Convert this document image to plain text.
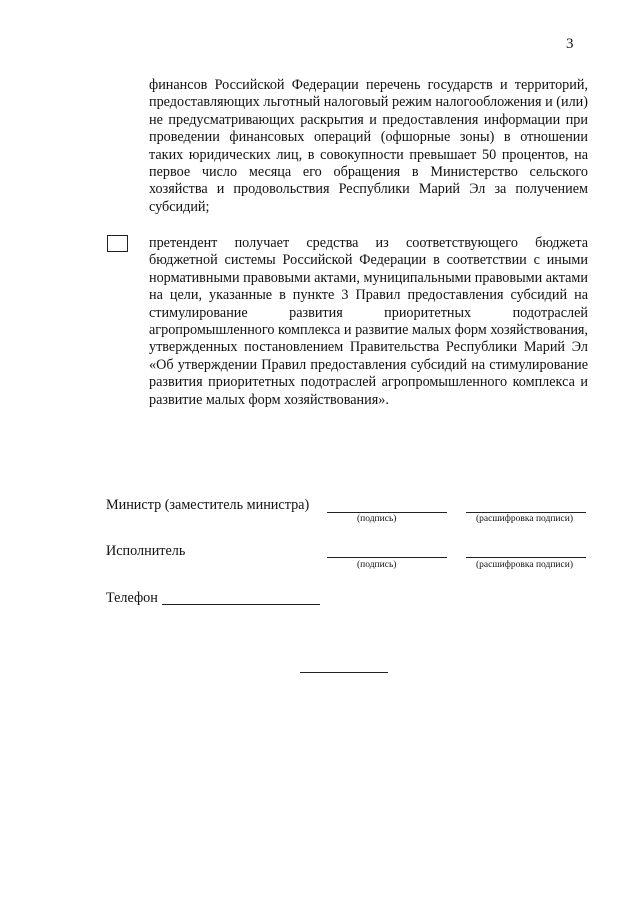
3
финансов Российской Федерации перечень государств и территорий, предоставляющих льготный налоговый режим налогообложения и (или) не предусматривающих раскрытия и предоставления информации при проведении финансовых операций (офшорные зоны) в отношении таких юридических лиц, в совокупности превышает 50 процентов, на первое число месяца его обращения в Министерство сельского хозяйства и продовольствия Республики Марий Эл за получением субсидий;
претендент получает средства из соответствующего бюджета бюджетной системы Российской Федерации в соответствии с иными нормативными правовыми актами, муниципальными правовыми актами на цели, указанные в пункте 3 Правил предоставления субсидий на стимулирование развития приоритетных подотраслей агропромышленного комплекса и развитие малых форм хозяйствования, утвержденных постановлением Правительства Республики Марий Эл «Об утверждении Правил предоставления субсидий на стимулирование развития приоритетных подотраслей агропромышленного комплекса и развитие малых форм хозяйствования».
Министр (заместитель министра)
(подпись)	(расшифровка подписи)
Исполнитель
(подпись)	(расшифровка подписи)
Телефон
